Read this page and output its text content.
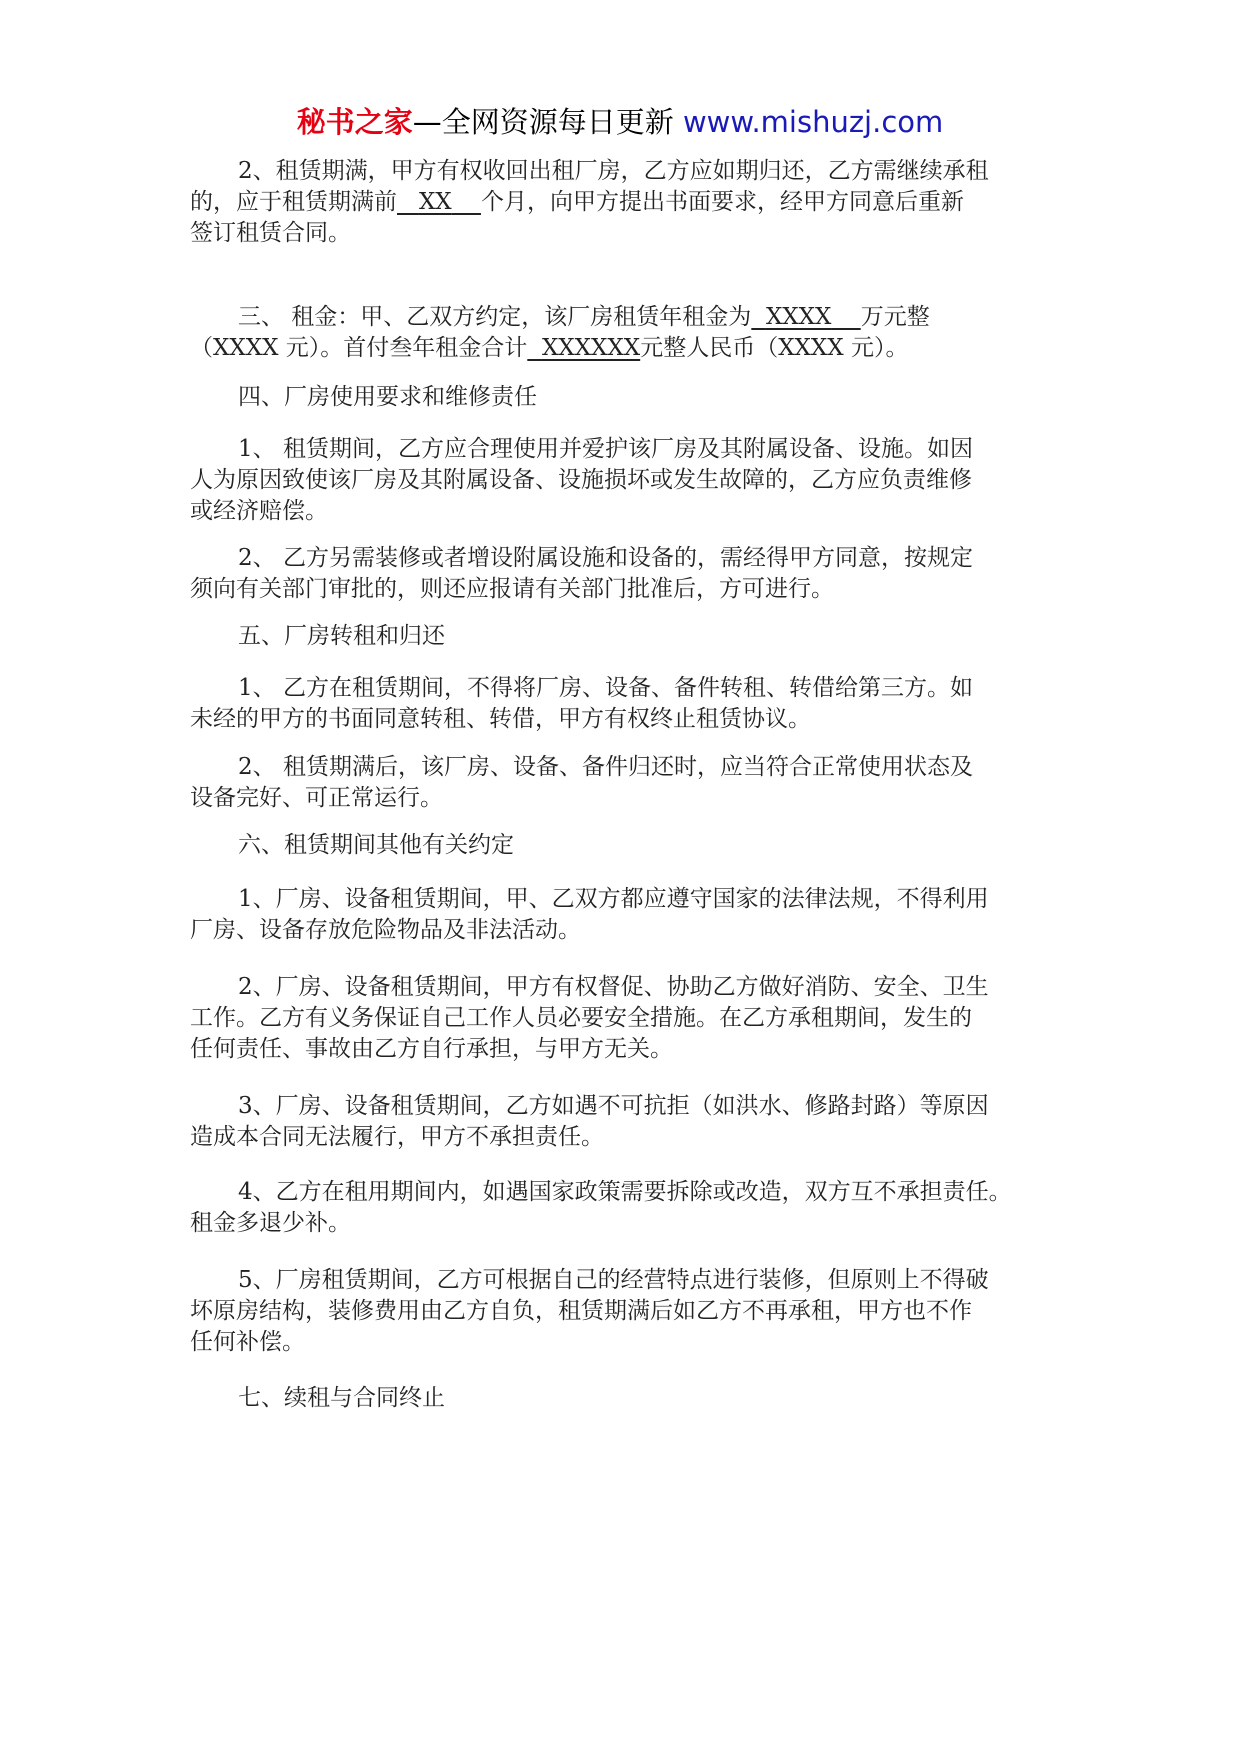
秘书之家—全网资源每日更新 www.mishuzj.com
2、租赁期满，甲方有权收回出租厂房，乙方应如期归还，乙方需继续承租
的，应于租赁期满前 XX 个月，向甲方提出书面要求，经甲方同意后重新
签订租赁合同。
三、 租金：甲、乙双方约定，该厂房租赁年租金为 XXXX 万元整
（XXXX 元）。首付叁年租金合计 XXXXXX元整人民币（XXXX 元）。
四、厂房使用要求和维修责任
1、 租赁期间，乙方应合理使用并爱护该厂房及其附属设备、设施。如因
人为原因致使该厂房及其附属设备、设施损坏或发生故障的，乙方应负责维修
或经济赔偿。
2、 乙方另需装修或者增设附属设施和设备的，需经得甲方同意，按规定
须向有关部门审批的，则还应报请有关部门批准后，方可进行。
五、厂房转租和归还
1、 乙方在租赁期间，不得将厂房、设备、备件转租、转借给第三方。如
未经的甲方的书面同意转租、转借，甲方有权终止租赁协议。
2、 租赁期满后，该厂房、设备、备件归还时，应当符合正常使用状态及
设备完好、可正常运行。
六、租赁期间其他有关约定
1、厂房、设备租赁期间，甲、乙双方都应遵守国家的法律法规，不得利用
厂房、设备存放危险物品及非法活动。
2、厂房、设备租赁期间，甲方有权督促、协助乙方做好消防、安全、卫生
工作。乙方有义务保证自己工作人员必要安全措施。在乙方承租期间，发生的
任何责任、事故由乙方自行承担，与甲方无关。
3、厂房、设备租赁期间，乙方如遇不可抗拒（如洪水、修路封路）等原因
造成本合同无法履行，甲方不承担责任。
4、乙方在租用期间内，如遇国家政策需要拆除或改造，双方互不承担责任。
租金多退少补。
5、厂房租赁期间，乙方可根据自己的经营特点进行装修，但原则上不得破
坏原房结构，装修费用由乙方自负，租赁期满后如乙方不再承租，甲方也不作
任何补偿。
七、续租与合同终止
